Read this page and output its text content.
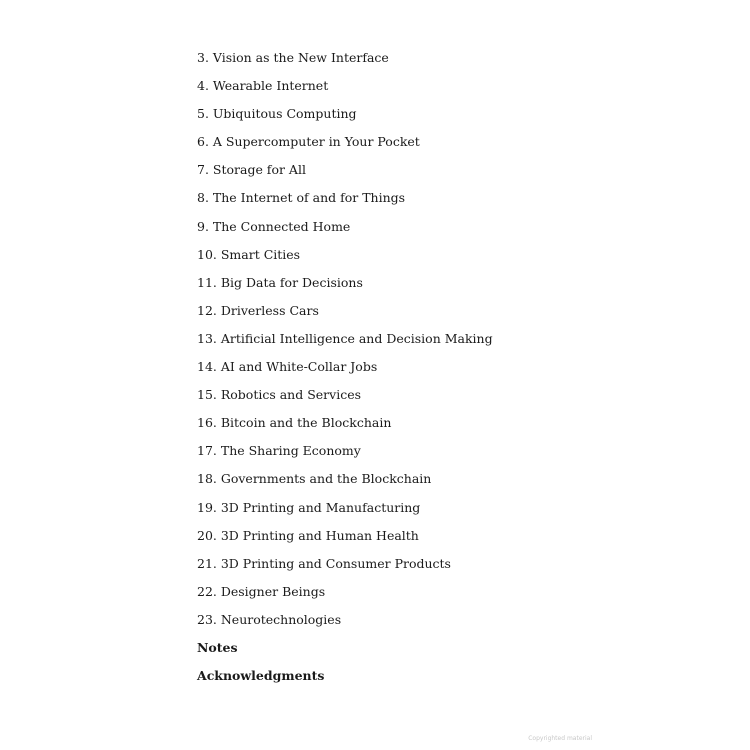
3. Vision as the New Interface
4. Wearable Internet
5. Ubiquitous Computing
6. A Supercomputer in Your Pocket
7. Storage for All
8. The Internet of and for Things
9. The Connected Home
10. Smart Cities
11. Big Data for Decisions
12. Driverless Cars
13. Artificial Intelligence and Decision Making
14. AI and White-Collar Jobs
15. Robotics and Services
16. Bitcoin and the Blockchain
17. The Sharing Economy
18. Governments and the Blockchain
19. 3D Printing and Manufacturing
20. 3D Printing and Human Health
21. 3D Printing and Consumer Products
22. Designer Beings
23. Neurotechnologies
Notes
Acknowledgments
Copyrighted material
